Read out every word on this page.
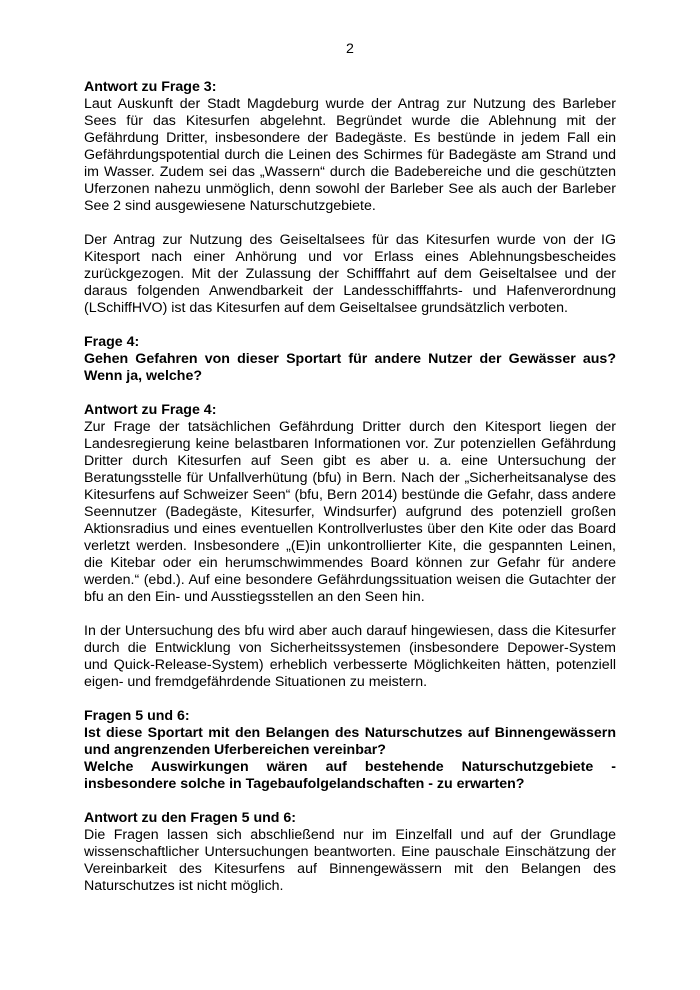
2

Antwort zu Frage 3:

Laut Auskunft der Stadt Magdeburg wurde der Antrag zur Nutzung des Barleber Sees für das Kitesurfen abgelehnt. Begründet wurde die Ablehnung mit der Gefährdung Dritter, insbesondere der Badegäste. Es bestünde in jedem Fall ein Gefährdungspotential durch die Leinen des Schirmes für Badegäste am Strand und im Wasser. Zudem sei das „Wassern“ durch die Badebereiche und die geschützten Uferzonen nahezu unmöglich, denn sowohl der Barleber See als auch der Barleber See 2 sind ausgewiesene Naturschutzgebiete.

Der Antrag zur Nutzung des Geiseltalsees für das Kitesurfen wurde von der IG Kitesport nach einer Anhörung und vor Erlass eines Ablehnungsbescheides zurückgezogen. Mit der Zulassung der Schifffahrt auf dem Geiseltalsee und der daraus folgenden Anwendbarkeit der Landesschifffahrts- und Hafenverordnung (LSchiffHVO) ist das Kitesurfen auf dem Geiseltalsee grundsätzlich verboten.

Frage 4:

Gehen Gefahren von dieser Sportart für andere Nutzer der Gewässer aus? Wenn ja, welche?

Antwort zu Frage 4:

Zur Frage der tatsächlichen Gefährdung Dritter durch den Kitesport liegen der Landesregierung keine belastbaren Informationen vor. Zur potenziellen Gefährdung Dritter durch Kitesurfen auf Seen gibt es aber u. a. eine Untersuchung der Beratungsstelle für Unfallverhütung (bfu) in Bern. Nach der „Sicherheitsanalyse des Kitesurfens auf Schweizer Seen“ (bfu, Bern 2014) bestünde die Gefahr, dass andere Seennutzer (Badegäste, Kitesurfer, Windsurfer) aufgrund des potenziell großen Aktionsradius und eines eventuellen Kontrollverlustes über den Kite oder das Board verletzt werden. Insbesondere „(E)in unkontrollierter Kite, die gespannten Leinen, die Kitebar oder ein herumschwimmendes Board können zur Gefahr für andere werden.“ (ebd.). Auf eine besondere Gefährdungssituation weisen die Gutachter der bfu an den Ein- und Ausstiegsstellen an den Seen hin.

In der Untersuchung des bfu wird aber auch darauf hingewiesen, dass die Kitesurfer durch die Entwicklung von Sicherheitssystemen (insbesondere Depower-System und Quick-Release-System) erheblich verbesserte Möglichkeiten hätten, potenziell eigen- und fremdgefährdende Situationen zu meistern.

Fragen 5 und 6:

Ist diese Sportart mit den Belangen des Naturschutzes auf Binnengewässern und angrenzenden Uferbereichen vereinbar?

Welche Auswirkungen wären auf bestehende Naturschutzgebiete - insbesondere solche in Tagebaufolgelandschaften - zu erwarten?

Antwort zu den Fragen 5 und 6:

Die Fragen lassen sich abschließend nur im Einzelfall und auf der Grundlage wissenschaftlicher Untersuchungen beantworten. Eine pauschale Einschätzung der Vereinbarkeit des Kitesurfens auf Binnengewässern mit den Belangen des Naturschutzes ist nicht möglich.
